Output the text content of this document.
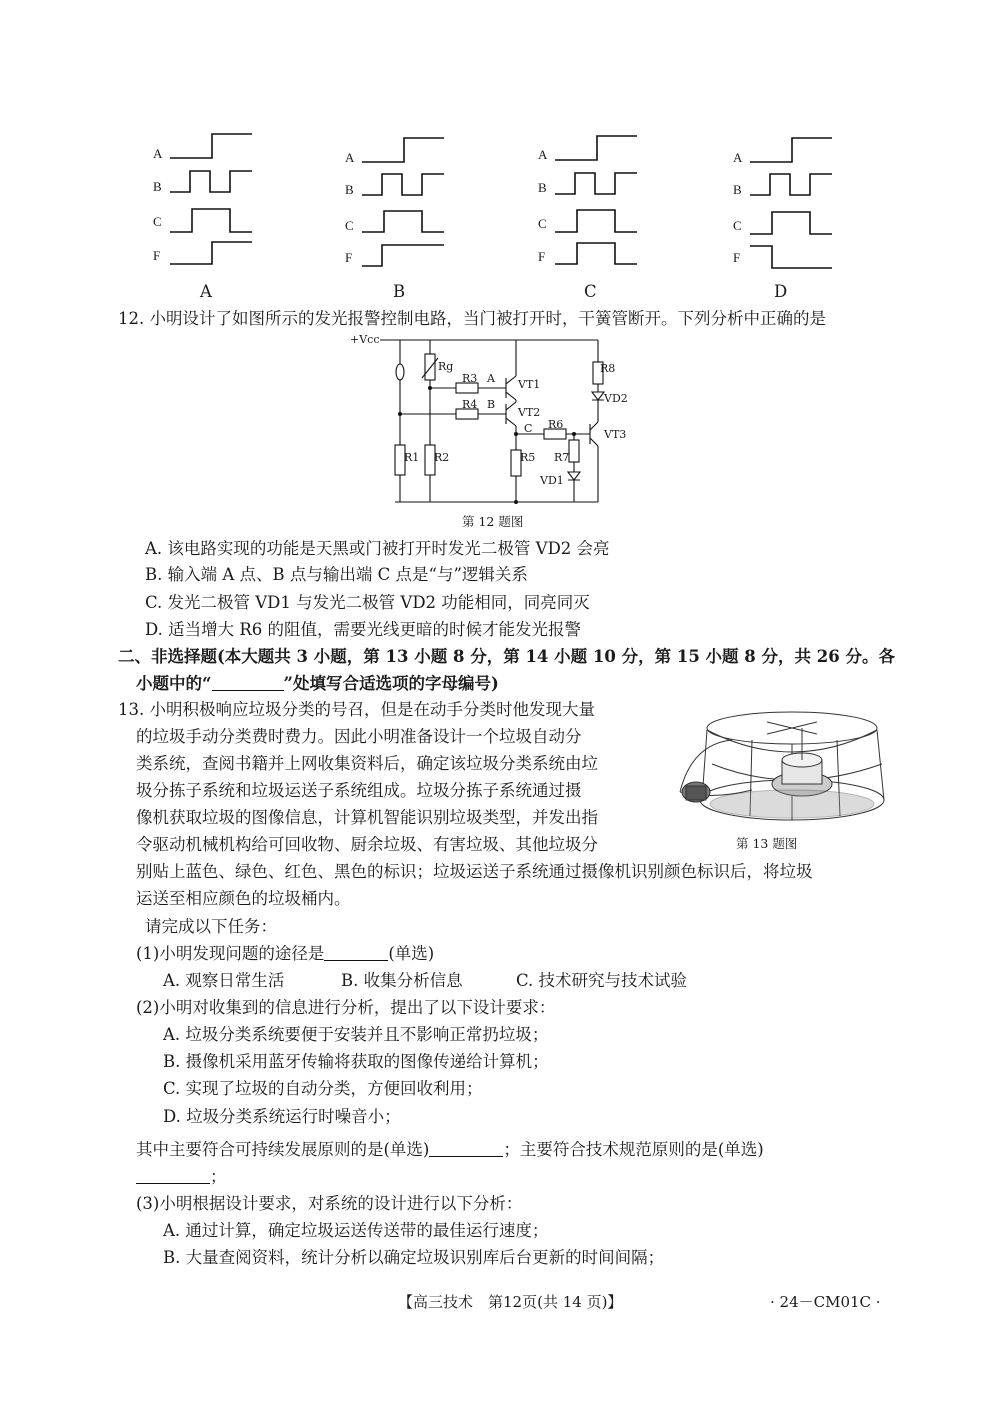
A
B
C
F
A
B
C
F
A
B
C
F
A
B
C
F
A	B	C	D
12. 小明设计了如图所示的发光报警控制电路，当门被打开时，干簧管断开。下列分析中正确的是
+Vcc
Rg
R3 A VT1
R4 B
VT2
C R6
VT3
R8
VD2
R1 R2	R5 R7
VD1
第 12 题图
A. 该电路实现的功能是天黑或门被打开时发光二极管 VD2 会亮
B. 输入端 A 点、B 点与输出端 C 点是“与”逻辑关系
C. 发光二极管 VD1 与发光二极管 VD2 功能相同，同亮同灭
D. 适当增大 R6 的阻值，需要光线更暗的时候才能发光报警
二、非选择题(本大题共 3 小题，第 13 小题 8 分，第 14 小题 10 分，第 15 小题 8 分，共 26 分。各
小题中的“	”处填写合适选项的字母编号)
13. 小明积极响应垃圾分类的号召，但是在动手分类时他发现大量
的垃圾手动分类费时费力。因此小明准备设计一个垃圾自动分
类系统，查阅书籍并上网收集资料后，确定该垃圾分类系统由垃
圾分拣子系统和垃圾运送子系统组成。垃圾分拣子系统通过摄
像机获取垃圾的图像信息，计算机智能识别垃圾类型，并发出指
令驱动机械机构给可回收物、厨余垃圾、有害垃圾、其他垃圾分
别贴上蓝色、绿色、红色、黑色的标识；垃圾运送子系统通过摄像机识别颜色标识后，将垃圾
运送至相应颜色的垃圾桶内。
第 13 题图
请完成以下任务：
(1)小明发现问题的途径是	(单选)
A. 观察日常生活	B. 收集分析信息	C. 技术研究与技术试验
(2)小明对收集到的信息进行分析，提出了以下设计要求：
A. 垃圾分类系统要便于安装并且不影响正常扔垃圾；
B. 摄像机采用蓝牙传输将获取的图像传递给计算机；
C. 实现了垃圾的自动分类，方便回收利用；
D. 垃圾分类系统运行时噪音小；
其中主要符合可持续发展原则的是(单选)	；主要符合技术规范原则的是(单选)
；
(3)小明根据设计要求，对系统的设计进行以下分析：
A. 通过计算，确定垃圾运送传送带的最佳运行速度；
B. 大量查阅资料，统计分析以确定垃圾识别库后台更新的时间间隔；
【高三技术　第12页(共 14 页)】	· 24－CM01C ·
